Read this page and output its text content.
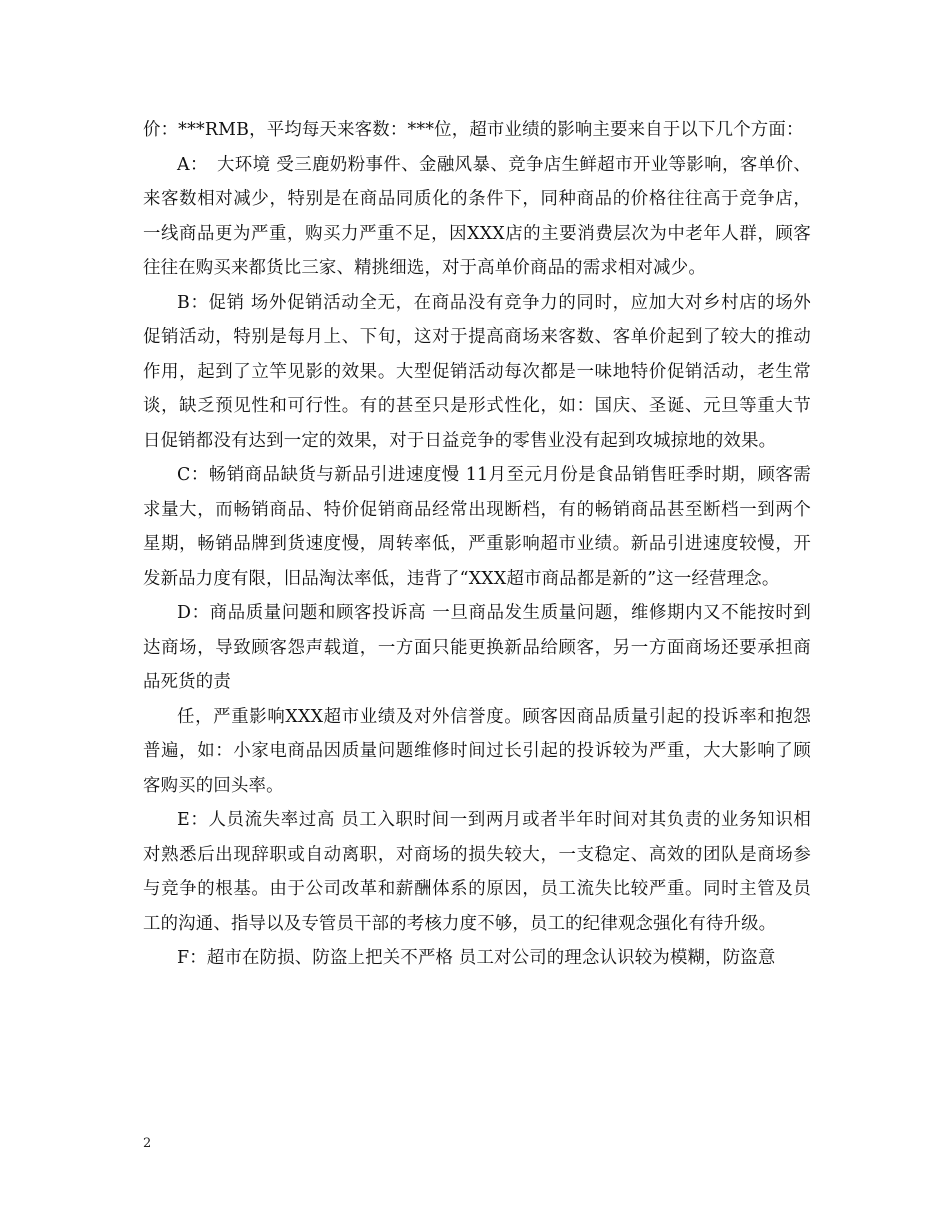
价：***RMB，平均每天来客数：***位，超市业绩的影响主要来自于以下几个方面：

A：　大环境 受三鹿奶粉事件、金融风暴、竞争店生鲜超市开业等影响，客单价、来客数相对减少，特别是在商品同质化的条件下，同种商品的价格往往高于竞争店，一线商品更为严重，购买力严重不足，因XXX店的主要消费层次为中老年人群，顾客往往在购买来都货比三家、精挑细选，对于高单价商品的需求相对减少。

B：促销 场外促销活动全无，在商品没有竞争力的同时，应加大对乡村店的场外促销活动，特别是每月上、下旬，这对于提高商场来客数、客单价起到了较大的推动作用，起到了立竿见影的效果。大型促销活动每次都是一味地特价促销活动，老生常谈，缺乏预见性和可行性。有的甚至只是形式性化，如：国庆、圣诞、元旦等重大节日促销都没有达到一定的效果，对于日益竞争的零售业没有起到攻城掠地的效果。

C：畅销商品缺货与新品引进速度慢 11月至元月份是食品销售旺季时期，顾客需求量大，而畅销商品、特价促销商品经常出现断档，有的畅销商品甚至断档一到两个星期，畅销品牌到货速度慢，周转率低，严重影响超市业绩。新品引进速度较慢，开发新品力度有限，旧品淘汰率低，违背了“XXX超市商品都是新的”这一经营理念。

D：商品质量问题和顾客投诉高 一旦商品发生质量问题，维修期内又不能按时到达商场，导致顾客怨声载道，一方面只能更换新品给顾客，另一方面商场还要承担商品死货的责

任，严重影响XXX超市业绩及对外信誉度。顾客因商品质量引起的投诉率和抱怨普遍，如：小家电商品因质量问题维修时间过长引起的投诉较为严重，大大影响了顾客购买的回头率。

E：人员流失率过高 员工入职时间一到两月或者半年时间对其负责的业务知识相对熟悉后出现辞职或自动离职，对商场的损失较大，一支稳定、高效的团队是商场参与竞争的根基。由于公司改革和薪酬体系的原因，员工流失比较严重。同时主管及员工的沟通、指导以及专管员干部的考核力度不够，员工的纪律观念强化有待升级。

F：超市在防损、防盗上把关不严格 员工对公司的理念认识较为模糊，防盗意

2
